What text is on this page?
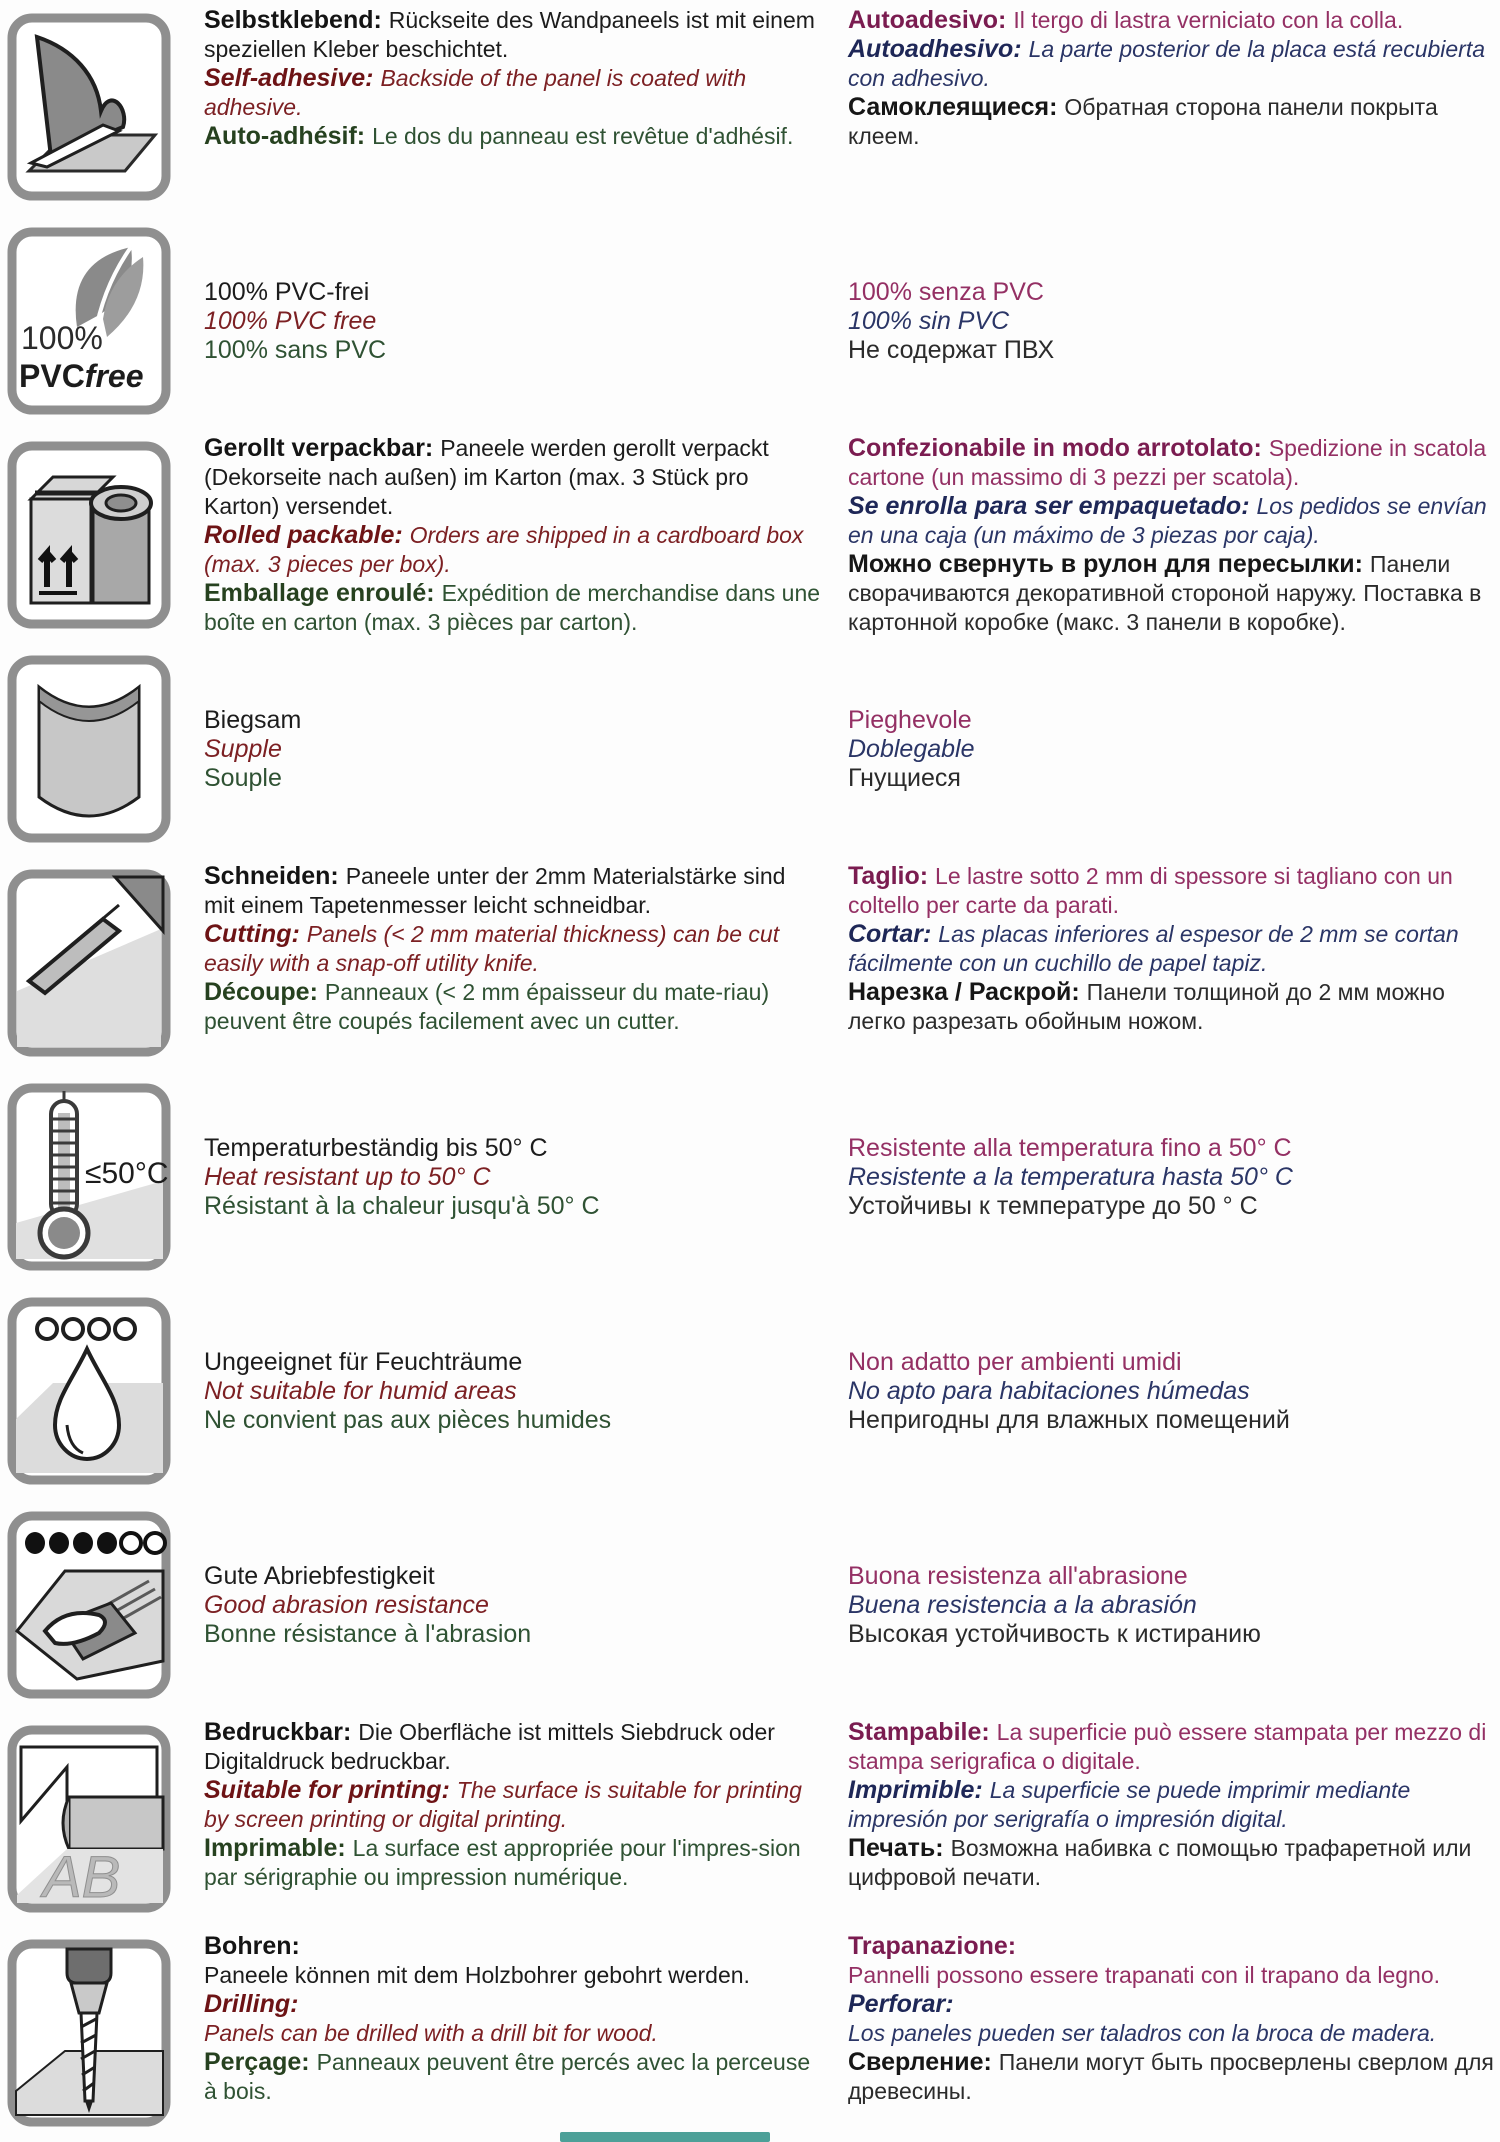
Selbstklebend: Rückseite des Wandpaneels ist mit einem speziellen Kleber beschichtet.

Self-adhesive: Backside of the panel is coated with adhesive.

Auto-adhésif: Le dos du panneau est revêtue d'adhésif.

Autoadesivo: Il tergo di lastra verniciato con la colla.

Autoadhesivo: La parte posterior de la placa está recubierta con adhesivo.

Самоклеящиеся: Обратная сторона панели покрыта клеем.

100%
PVCfree

100% PVC-frei

100% PVC free

100% sans PVC

100% senza PVC

100% sin PVC

Не содержат ПВХ

Gerollt verpackbar: Paneele werden gerollt verpackt (Dekorseite nach außen) im Karton (max. 3 Stück pro Karton) versendet.

Rolled packable: Orders are shipped in a cardboard box (max. 3 pieces per box).

Emballage enroulé: Expédition de merchandise dans une boîte en carton (max. 3 pièces par carton).

Confezionabile in modo arrotolato: Spedizione in scatola cartone (un massimo di 3 pezzi per scatola).

Se enrolla para ser empaquetado: Los pedidos se envían en una caja (un máximo de 3 piezas por caja).

Можно свернуть в рулон для пересылки: Панели сворачиваются декоративной стороной наружу. Поставка в картонной коробке (макс. 3 панели в коробке).

Biegsam

Supple

Souple

Pieghevole

Doblegable

Гнущиеся

Schneiden: Paneele unter der 2mm Materialstärke sind mit einem Tapetenmesser leicht schneidbar.

Cutting: Panels (< 2 mm material thickness) can be cut easily with a snap-off utility knife.

Découpe: Panneaux (< 2 mm épaisseur du mate-riau) peuvent être coupés facilement avec un cutter.

Taglio: Le lastre sotto 2 mm di spessore si tagliano con un coltello per carte da parati.

Cortar: Las placas inferiores al espesor de 2 mm se cortan fácilmente con un cuchillo de papel tapiz.

Нарезка / Раскрой: Панели толщиной до 2 мм можно легко разрезать обойным ножом.

≤50°C

Temperaturbeständig bis 50° C

Heat resistant up to 50° C

Résistant à la chaleur jusqu'à 50° C

Resistente alla temperatura fino a 50° C

Resistente a la temperatura hasta 50° C

Устойчивы к температуре до 50 ° C

Ungeeignet für Feuchträume

Not suitable for humid areas

Ne convient pas aux pièces humides

Non adatto per ambienti umidi

No apto para habitaciones húmedas

Непригодны для влажных помещений

Gute Abriebfestigkeit

Good abrasion resistance

Bonne résistance à l'abrasion

Buona resistenza all'abrasione

Buena resistencia a la abrasión

Высокая устойчивость к истиранию

AB

Bedruckbar: Die Oberfläche ist mittels Siebdruck oder Digitaldruck bedruckbar.

Suitable for printing: The surface is suitable for printing by screen printing or digital printing.

Imprimable: La surface est appropriée pour l'impres-sion par sérigraphie ou impression numérique.

Stampabile: La superficie può essere stampata per mezzo di stampa serigrafica o digitale.

Imprimible: La superficie se puede imprimir mediante impresión por serigrafía o impresión digital.

Печать: Возможна набивка с помощью трафаретной или цифровой печати.

Bohren:
Paneele können mit dem Holzbohrer gebohrt werden.

Drilling:
Panels can be drilled with a drill bit for wood.

Perçage: Panneaux peuvent être percés avec la perceuse à bois.

Trapanazione:
Pannelli possono essere trapanati con il trapano da legno.

Perforar:
Los paneles pueden ser taladros con la broca de madera.

Сверление: Панели могут быть просверлены сверлом для древесины.
